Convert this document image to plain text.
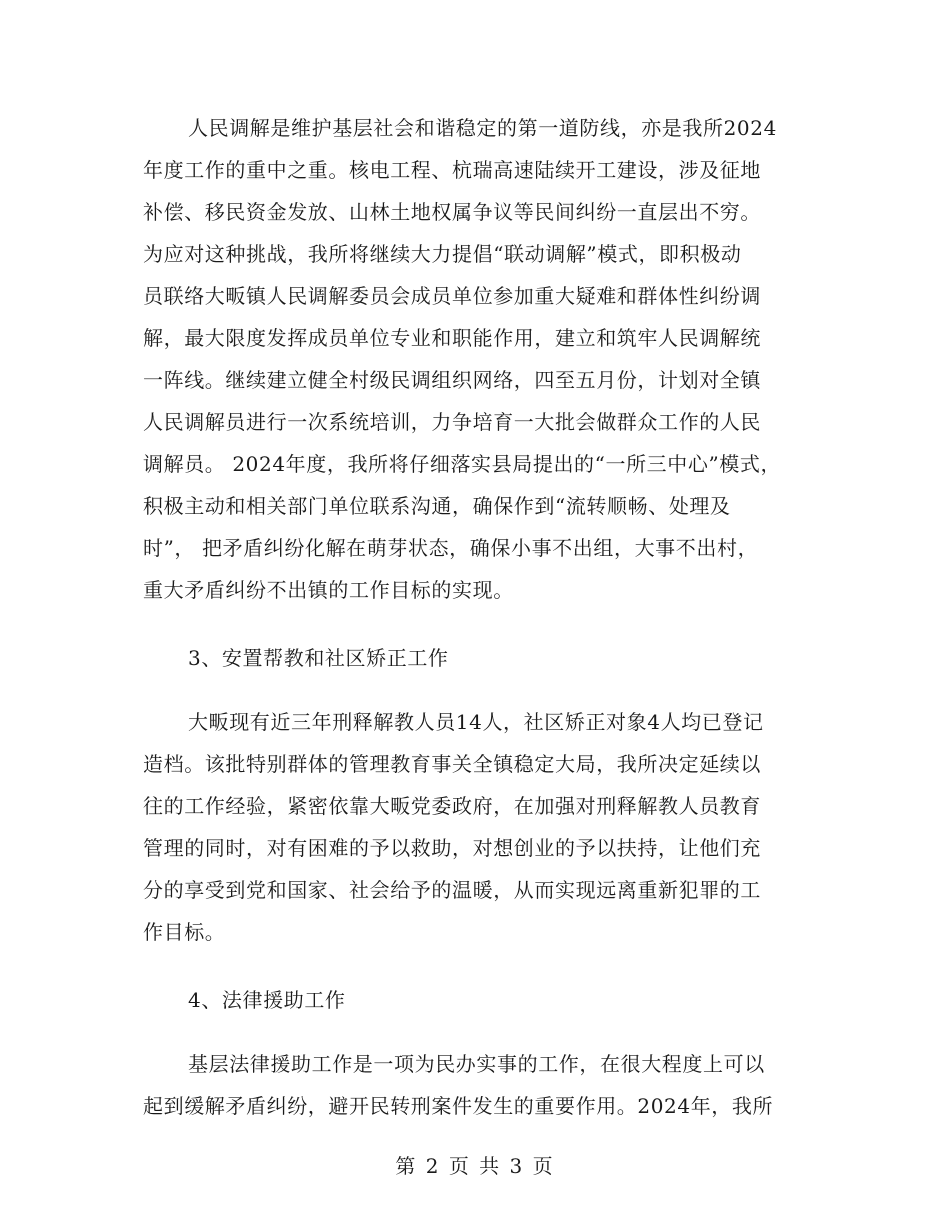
人民调解是维护基层社会和谐稳定的第一道防线，亦是我所2024
年度工作的重中之重。核电工程、杭瑞高速陆续开工建设，涉及征地
补偿、移民资金发放、山林土地权属争议等民间纠纷一直层出不穷。
为应对这种挑战，我所将继续大力提倡“联动调解”模式，即积极动
员联络大畈镇人民调解委员会成员单位参加重大疑难和群体性纠纷调
解，最大限度发挥成员单位专业和职能作用，建立和筑牢人民调解统
一阵线。继续建立健全村级民调组织网络，四至五月份，计划对全镇
人民调解员进行一次系统培训，力争培育一大批会做群众工作的人民
调解员。 2024年度，我所将仔细落实县局提出的“一所三中心”模式，
积极主动和相关部门单位联系沟通，确保作到“流转顺畅、处理及
时”， 把矛盾纠纷化解在萌芽状态，确保小事不出组，大事不出村，
重大矛盾纠纷不出镇的工作目标的实现。
3、安置帮教和社区矫正工作
大畈现有近三年刑释解教人员14人，社区矫正对象4人均已登记
造档。该批特别群体的管理教育事关全镇稳定大局，我所决定延续以
往的工作经验，紧密依靠大畈党委政府，在加强对刑释解教人员教育
管理的同时，对有困难的予以救助，对想创业的予以扶持，让他们充
分的享受到党和国家、社会给予的温暖，从而实现远离重新犯罪的工
作目标。
4、法律援助工作
基层法律援助工作是一项为民办实事的工作，在很大程度上可以
起到缓解矛盾纠纷，避开民转刑案件发生的重要作用。2024年，我所
第 2 页 共 3 页
